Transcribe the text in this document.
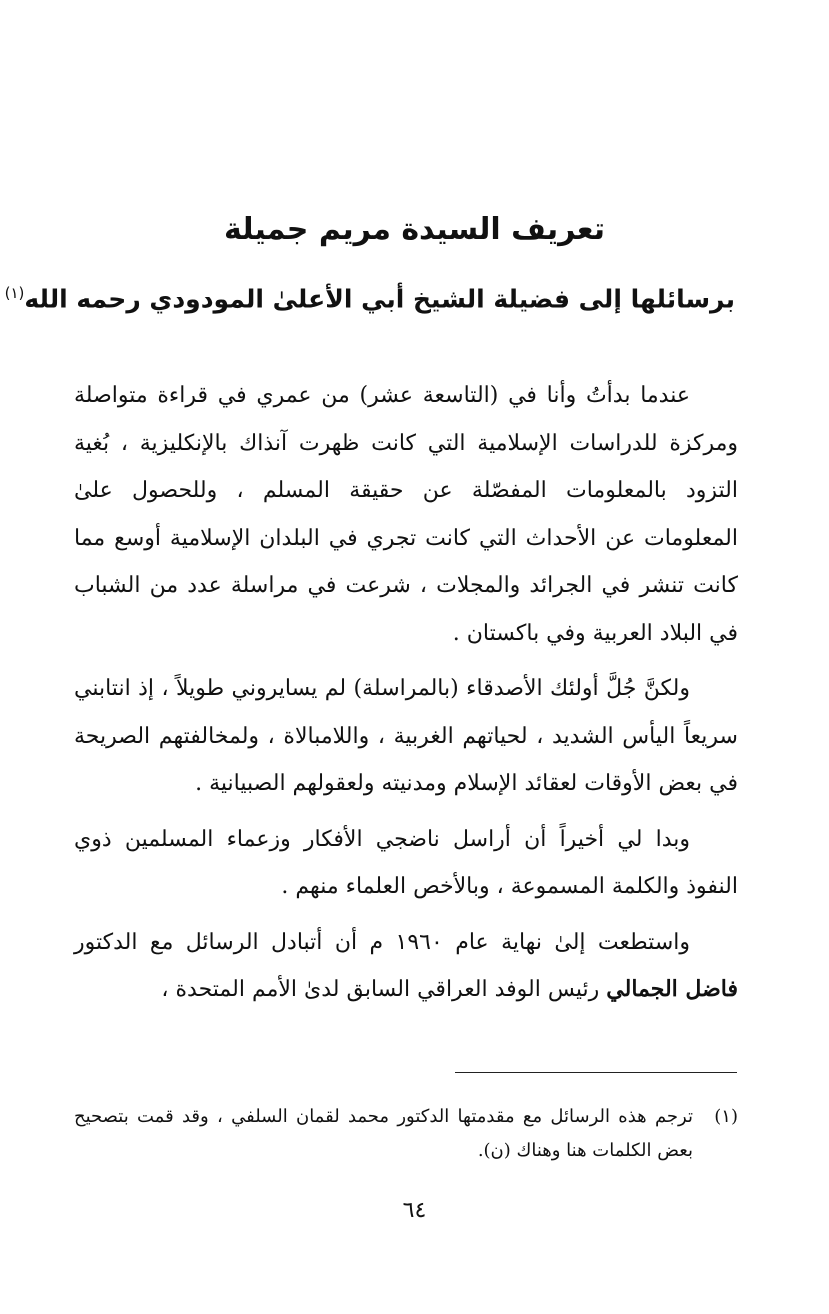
تعريف السيدة مريم جميلة
برسائلها إلى فضيلة الشيخ أبي الأعلىٰ المودودي رحمه الله$^{(١)}$

عندما بدأتُ وأنا في (التاسعة عشر) من عمري في قراءة متواصلة ومركزة للدراسات الإسلامية التي كانت ظهرت آنذاك بالإنكليزية ، بُغية التزود بالمعلومات المفصّلة عن حقيقة المسلم ، وللحصول علىٰ المعلومات عن الأحداث التي كانت تجري في البلدان الإسلامية أوسع مما كانت تنشر في الجرائد والمجلات ، شرعت في مراسلة عدد من الشباب في البلاد العربية وفي باكستان .

ولكنَّ جُلَّ أولئك الأصدقاء (بالمراسلة) لم يسايروني طويلاً ، إذ انتابني سريعاً اليأس الشديد ، لحياتهم الغربية ، واللامبالاة ، ولمخالفتهم الصريحة في بعض الأوقات لعقائد الإسلام ومدنيته ولعقولهم الصبيانية .

وبدا لي أخيراً أن أراسل ناضجي الأفكار وزعماء المسلمين ذوي النفوذ والكلمة المسموعة ، وبالأخص العلماء منهم .

واستطعت إلىٰ نهاية عام ١٩٦٠ م أن أتبادل الرسائل مع الدكتور فاضل الجمالي رئيس الوفد العراقي السابق لدىٰ الأمم المتحدة ،

(١)
ترجم هذه الرسائل مع مقدمتها الدكتور محمد لقمان السلفي ، وقد قمت بتصحيح بعض الكلمات هنا وهناك (ن).
٦٤
